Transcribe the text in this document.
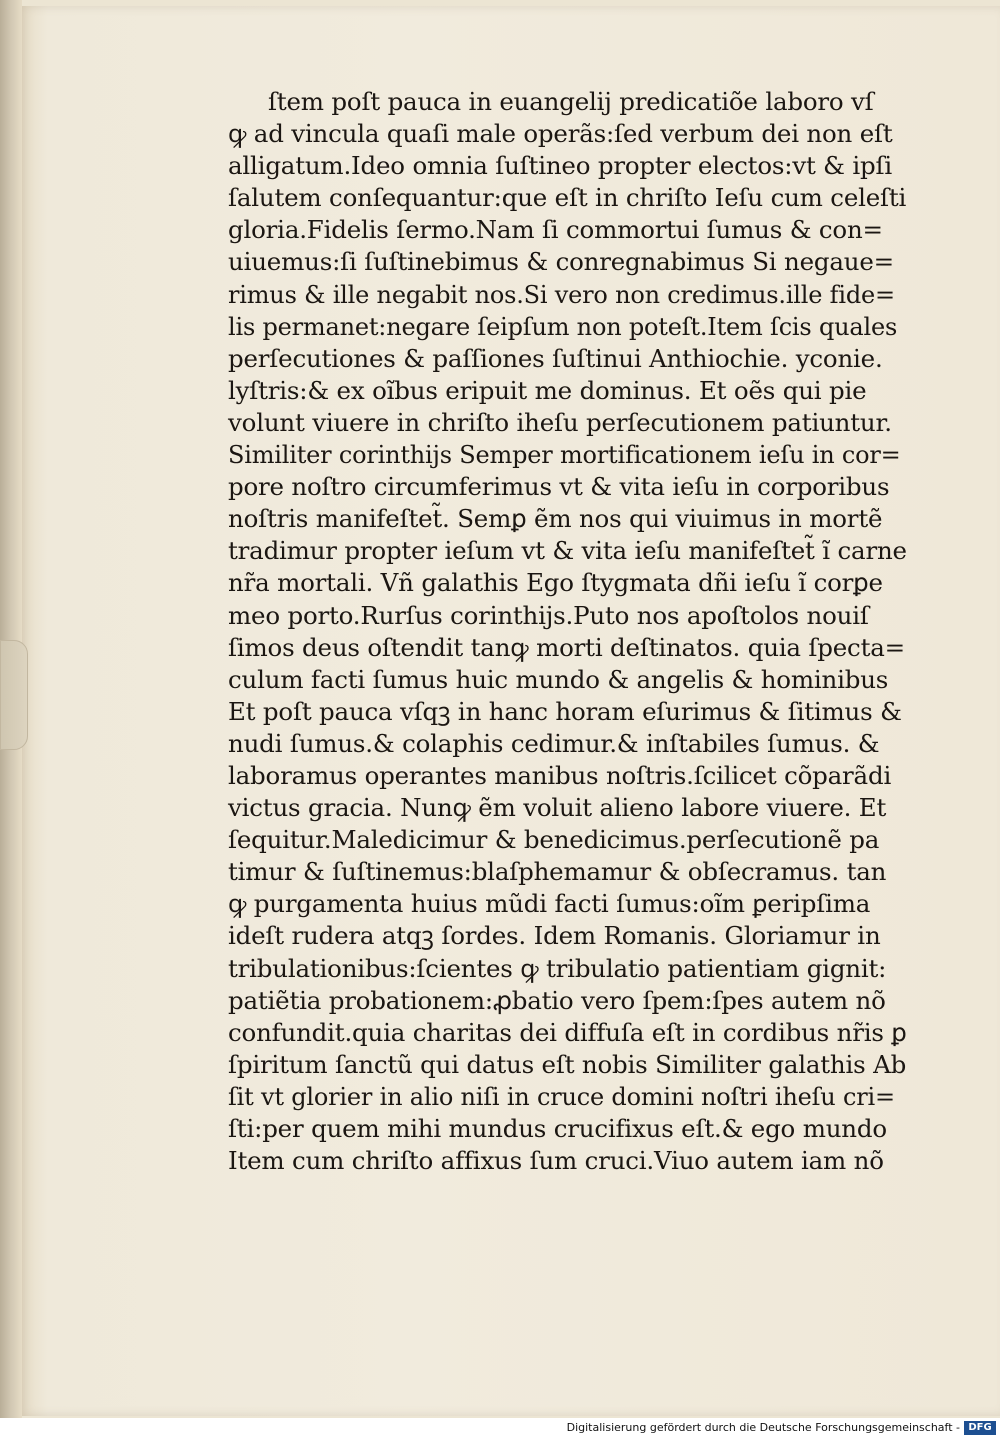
ſtem poſt pauca in euangelij predicatiõe laboro vſ

ꝙ ad vincula quaſi male operãs:ſed verbum dei non eſt

alligatum.Ideo omnia ſuſtineo propter electos:vt & ipſi

ſalutem conſequantur:que eſt in chriſto Ieſu cum celeſti

gloria.Fidelis ſermo.Nam ſi commortui ſumus & con=

uiuemus:ſi ſuſtinebimus & conregnabimus Si negaue=

rimus & ille negabit nos.Si vero non credimus.ille fide=

lis permanet:negare ſeipſum non poteſt.Item ſcis quales

perſecutiones & paſſiones ſuſtinui Anthiochie. yconie.

lyſtris:& ex oĩbus eripuit me dominus. Et oẽs qui pie

volunt viuere in chriſto iheſu perſecutionem patiuntur.

Similiter corinthijs Semper mortificationem ieſu in cor=

pore noſtro circumferimus vt & vita ieſu in corporibus

noſtris manifeſtet̃. Semꝑ ẽm nos qui viuimus in mortẽ

tradimur propter ieſum vt & vita ieſu manifeſtet̃ ĩ carne

nr̃a mortali. Vñ galathis Ego ſtygmata dñi ieſu ĩ corꝑe

meo porto.Rurſus corinthijs.Puto nos apoſtolos nouiſ

ſimos deus oſtendit tanꝙ morti deſtinatos. quia ſpecta=

culum facti ſumus huic mundo & angelis & hominibus

Et poſt pauca vſqꝫ in hanc horam eſurimus & ſitimus &

nudi ſumus.& colaphis cedimur.& inſtabiles ſumus. &

laboramus operantes manibus noſtris.ſcilicet cõparãdi

victus gracia. Nunꝙ ẽm voluit alieno labore viuere. Et

ſequitur.Maledicimur & benedicimus.perſecutionẽ pa

timur & ſuſtinemus:blaſphemamur & obſecramus. tan

ꝙ purgamenta huius mũdi facti ſumus:oĩm ꝑeripſima

ideſt rudera atqꝫ ſordes. Idem Romanis. Gloriamur in

tribulationibus:ſcientes ꝙ tribulatio patientiam gignit:

patiẽtia probationem:ꝓbatio vero ſpem:ſpes autem nõ

confundit.quia charitas dei diffuſa eſt in cordibus nr̃is ꝑ

ſpiritum ſanctũ qui datus eſt nobis Similiter galathis Ab

ſit vt glorier in alio niſi in cruce domini noſtri iheſu cri=

ſti:per quem mihi mundus crucifixus eſt.& ego mundo

Item cum chriſto affixus ſum cruci.Viuo autem iam nõ

Digitalisierung gefördert durch die Deutsche Forschungsgemeinschaft - DFG
